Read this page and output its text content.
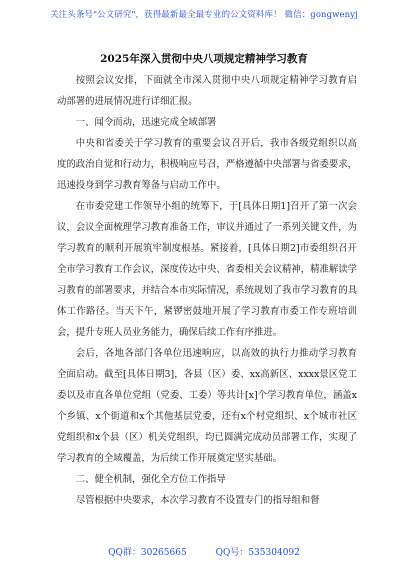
关注头条号"公文研究"，获得最新最全最专业的公文资料库！ 微信：gongwenyj
2025年深入贯彻中央八项规定精神学习教育

按照会议安排，下面就全市深入贯彻中央八项规定精神学习教育启动部署的进展情况进行详细汇报。

一、闻令而动，迅速完成全域部署

中央和省委关于学习教育的重要会议召开后，我市各级党组织以高度的政治自觉和行动力，积极响应号召，严格遵循中央部署与省委要求，迅速投身到学习教育筹备与启动工作中。

在市委党建工作领导小组的统筹下，于[具体日期1]召开了第一次会议，会议全面梳理学习教育准备工作，审议并通过了一系列关键文件，为学习教育的顺利开展筑牢制度根基。紧接着，[具体日期2]市委组织召开全市学习教育工作会议，深度传达中央、省委相关会议精神，精准解读学习教育的部署要求，并结合本市实际情况，系统规划了我市学习教育的具体工作路径。当天下午，紧锣密鼓地开展了学习教育市委工作专班培训会，提升专班人员业务能力，确保后续工作有序推进。

会后，各地各部门各单位迅速响应，以高效的执行力推动学习教育全面启动。截至[具体日期3]，各县（区）委、xx高新区、xxxx景区党工委以及市直各单位党组（党委、工委）等共计[x]个学习教育单位，涵盖x个乡镇、x个街道和x个其他基层党委，还有x个村党组织、x个城市社区党组织和x个县（区）机关党组织，均已圆满完成动员部署工作，实现了学习教育的全域覆盖，为后续工作开展奠定坚实基础。

二、健全机制，强化全方位工作指导

尽管根据中央要求，本次学习教育不设置专门的指导组和督

QQ群：30265665	QQ号：535304092
